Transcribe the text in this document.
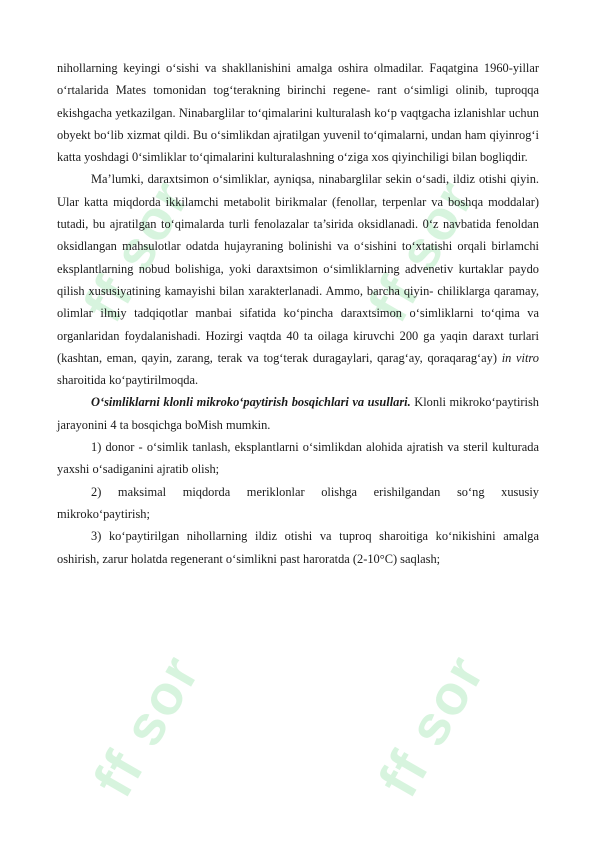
ff sor	ff sor
ff sor	ff sor

nihollarning keyingi o‘sishi va shakllanishini amalga oshira olmadilar. Faqatgina 1960-yillar o‘rtalarida Mates tomonidan tog‘terakning birinchi regene- rant o‘simligi olinib, tuproqqa ekishgacha yetkazilgan. Ninabarglilar to‘qimalarini kulturalash ko‘p vaqtgacha izlanishlar uchun obyekt bo‘lib xizmat qildi. Bu o‘simlikdan ajratilgan yuvenil to‘qimalarni, undan ham qiyinrog‘i katta yoshdagi 0‘simliklar to‘qimalarini kulturalashning o‘ziga xos qiyinchiligi bilan bogliqdir.

Ma’lumki, daraxtsimon o‘simliklar, ayniqsa, ninabarglilar sekin o‘sadi, ildiz otishi qiyin. Ular katta miqdorda ikkilamchi metabolit birikmalar (fenollar, terpenlar va boshqa moddalar) tutadi, bu ajratilgan to‘qimalarda turli fenolazalar ta’sirida oksidlanadi. 0‘z navbatida fenoldan oksidlangan mahsulotlar odatda hujayraning bolinishi va o‘sishini to‘xtatishi orqali birlamchi eksplantlarning nobud bolishiga, yoki daraxtsimon o‘simliklarning advenetiv kurtaklar paydo qilish xususiyatining kamayishi bilan xarakterlanadi. Ammo, barcha qiyin- chiliklarga qaramay, olimlar ilmiy tadqiqotlar manbai sifatida ko‘pincha daraxtsimon o‘simliklarni to‘qima va organlaridan foydalanishadi. Hozirgi vaqtda 40 ta oilaga kiruvchi 200 ga yaqin daraxt turlari (kashtan, eman, qayin, zarang, terak va tog‘terak duragaylari, qarag‘ay, qoraqarag‘ay) in vitro sharoitida ko‘paytirilmoqda.

O‘simliklarni klonli mikroko‘paytirish bosqichlari va usullari. Klonli mikroko‘paytirish jarayonini 4 ta bosqichga boMish mumkin.

1) donor - o‘simlik tanlash, eksplantlarni o‘simlikdan alohida ajratish va steril kulturada yaxshi o‘sadiganini ajratib olish;

2) maksimal miqdorda meriklonlar olishga erishilgandan so‘ng xususiy mikroko‘paytirish;

3) ko‘paytirilgan nihollarning ildiz otishi va tuproq sharoitiga ko‘nikishini amalga oshirish, zarur holatda regenerant o‘simlikni past haroratda (2-10°C) saqlash;
